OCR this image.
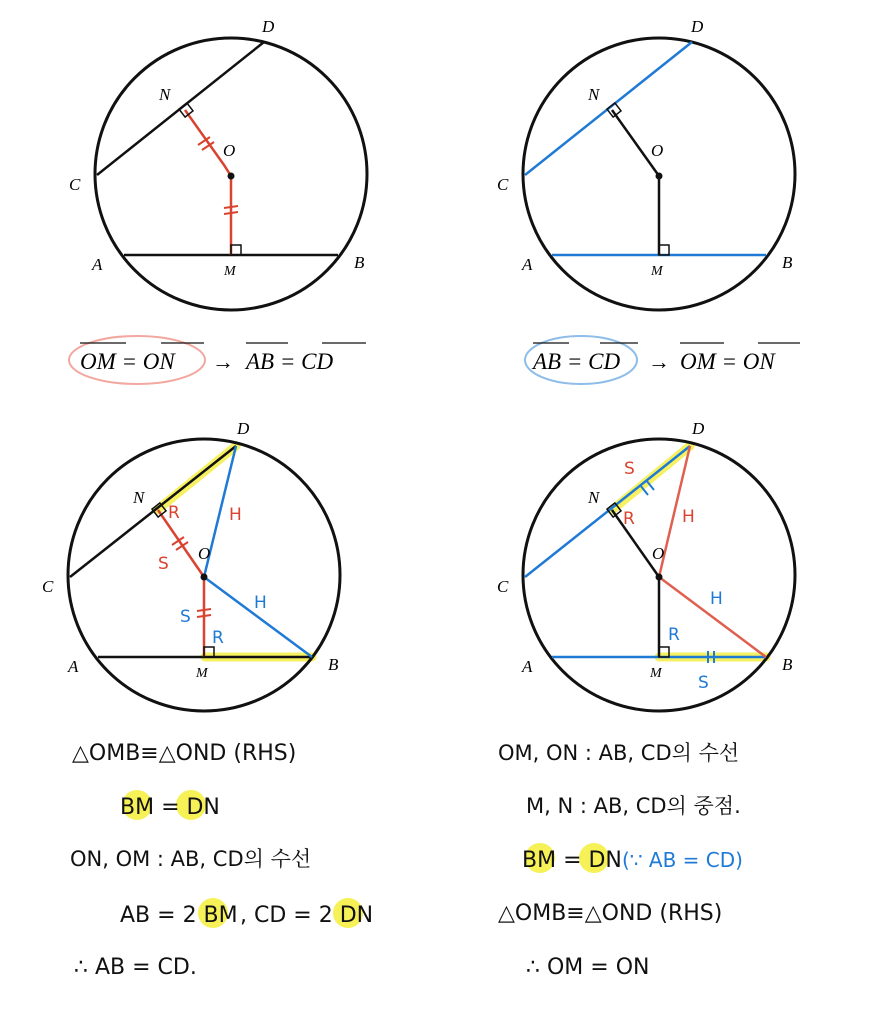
A	B
C
D
M
N
O
OM = ON → AB = CD
A	B
C
D
M
N
O
AB = CD → OM = ON
A	B
C
D
M
N
O
R
S
H
S
R
H
A	B
C
D
M
N
O
S
R	H
R
H
S
△OMB≡△OND (RHS)
BM = DN
ON, OM : AB, CD의 수선
AB = 2 BM , CD = 2 DN
∴ AB = CD.
OM, ON : AB, CD의 수선
M, N : AB, CD의 중점.
BM = DN (∵ AB = CD)
△OMB≡△OND (RHS)
∴ OM = ON
